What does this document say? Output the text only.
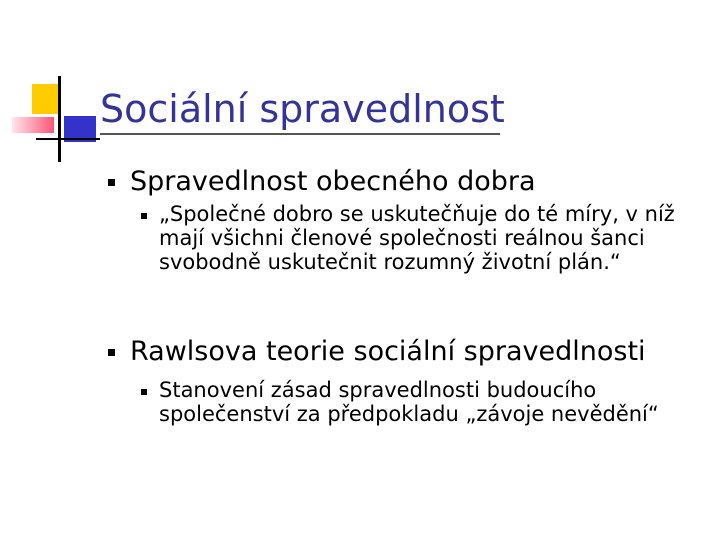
Sociální spravedlnost
Spravedlnost obecného dobra
„Společné dobro se uskutečňuje do té míry, v níž mají všichni členové společnosti reálnou šanci svobodně uskutečnit rozumný životní plán.“
Rawlsova teorie sociální spravedlnosti
Stanovení zásad spravedlnosti budoucího společenství za předpokladu „závoje nevědění“
